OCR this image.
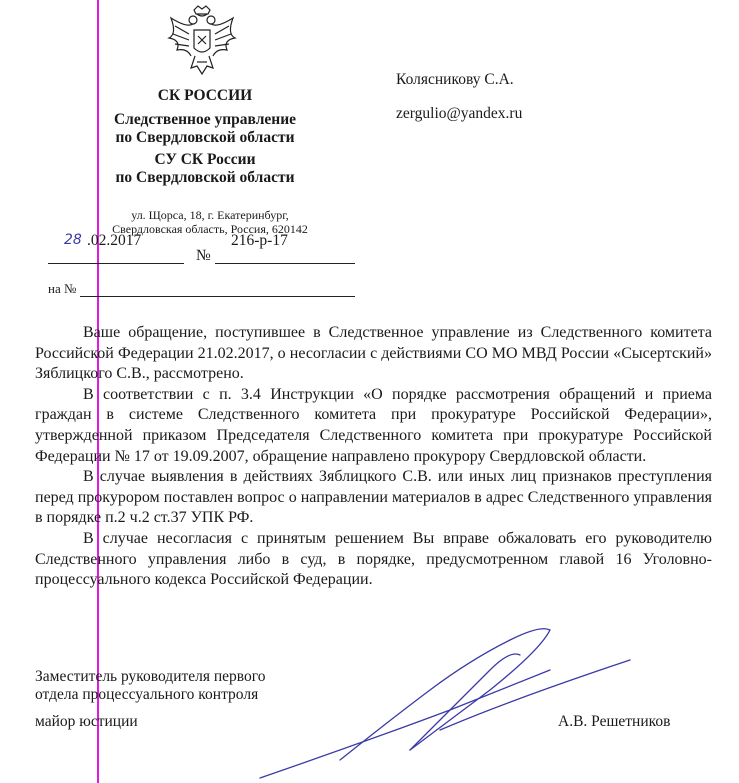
СК РОССИИ
Следственное управление
по Свердловской области
СУ СК России
по Свердловской области
ул. Щорса, 18, г. Екатеринбург,
Свердловская область, Россия, 620142
Колясникову С.А.
zergulio@yandex.ru
28 .02.2017
№
216-р-17
на №

Ваше обращение, поступившее в Следственное управление из Следственного комитета Российской Федерации 21.02.2017, о несогласии с действиями СО МО МВД России «Сысертский» Зяблицкого С.В., рассмотрено.

В соответствии с п. 3.4 Инструкции «О порядке рассмотрения обращений и приема граждан в системе Следственного комитета при прокуратуре Российской Федерации», утвержденной приказом Председателя Следственного комитета при прокуратуре Российской Федерации № 17 от 19.09.2007, обращение направлено прокурору Свердловской области.

В случае выявления в действиях Зяблицкого С.В. или иных лиц признаков преступления перед прокурором поставлен вопрос о направлении материалов в адрес Следственного управления в порядке п.2 ч.2 ст.37 УПК РФ.

В случае несогласия с принятым решением Вы вправе обжаловать его руководителю Следственного управления либо в суд, в порядке, предусмотренном главой 16 Уголовно-процессуального кодекса Российской Федерации.

Заместитель руководителя первого
отдела процессуального контроля
майор юстиции	А.В. Решетников
